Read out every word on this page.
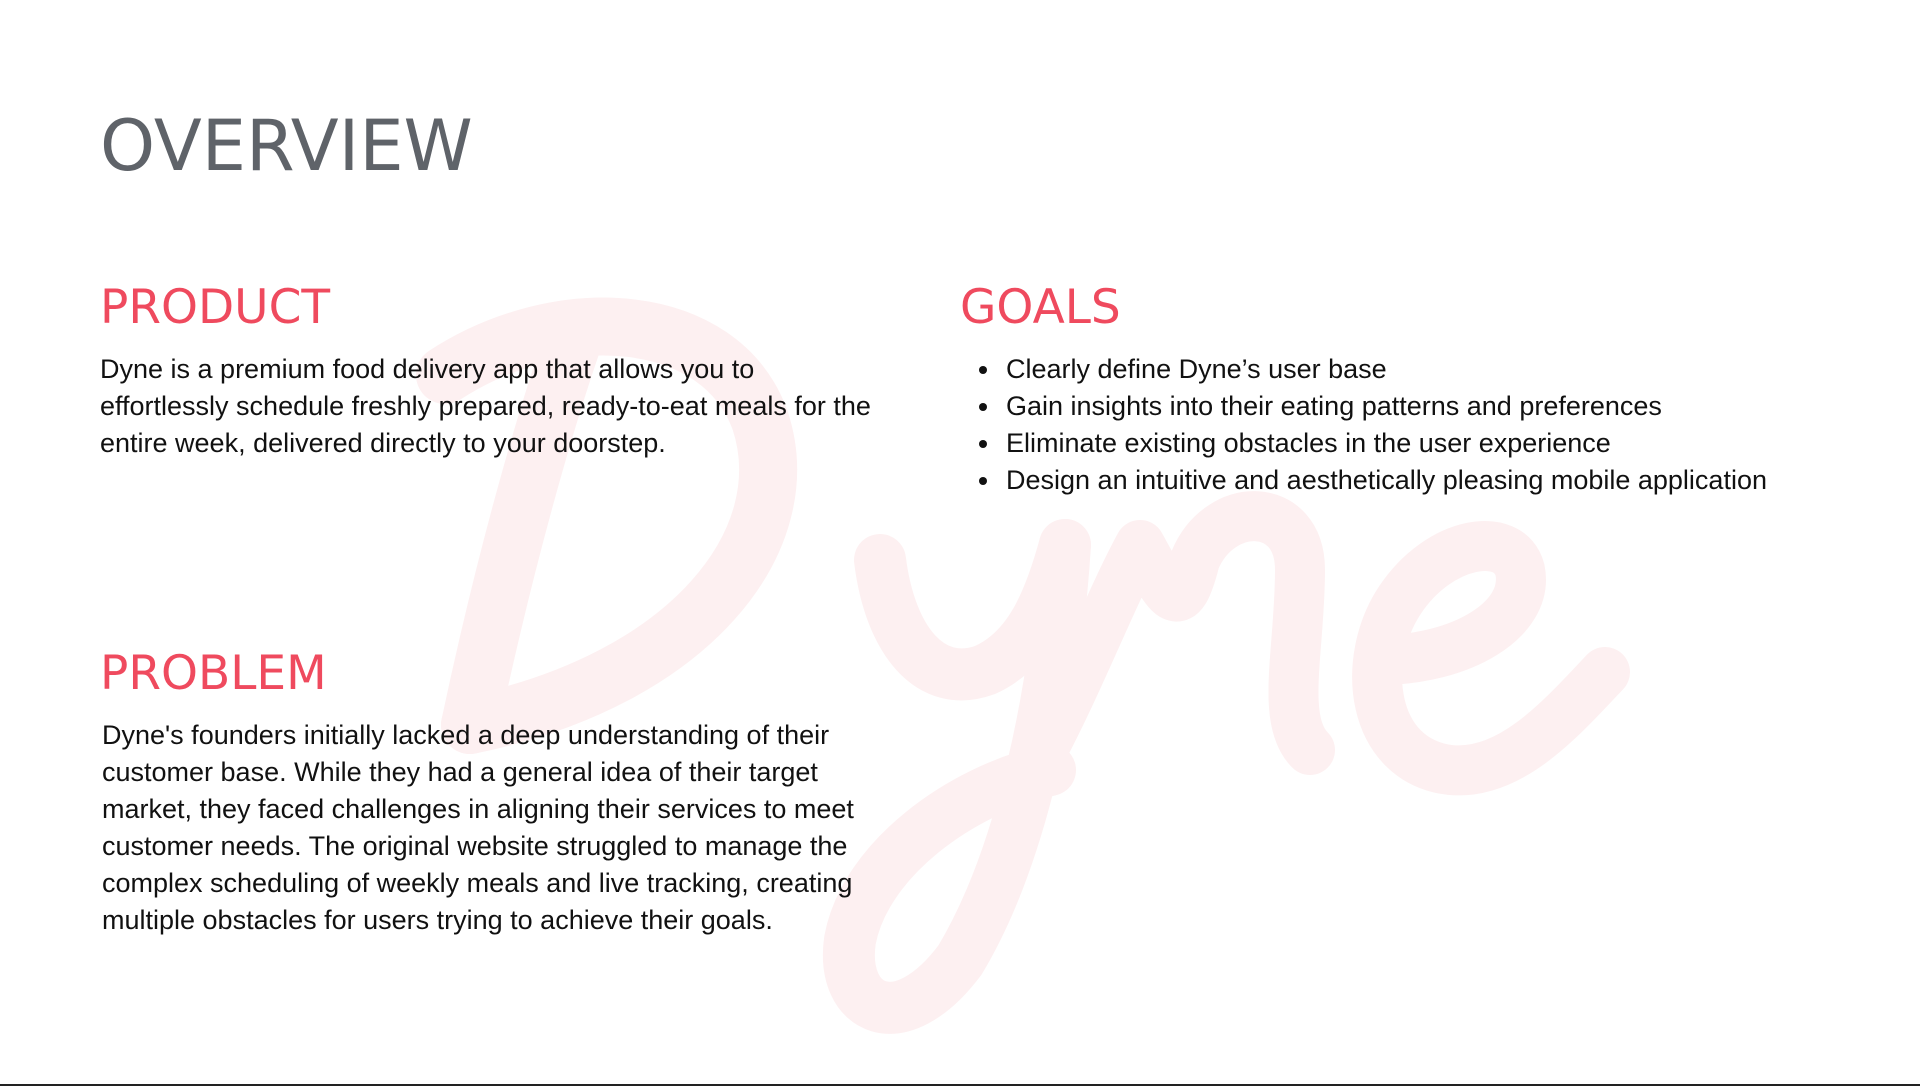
OVERVIEW
PRODUCT

Dyne is a premium food delivery app that allows you to effortlessly schedule freshly prepared, ready-to-eat meals for the entire week, delivered directly to your doorstep.

GOALS
Clearly define Dyne’s user base
Gain insights into their eating patterns and preferences
Eliminate existing obstacles in the user experience
Design an intuitive and aesthetically pleasing mobile application
PROBLEM

Dyne's founders initially lacked a deep understanding of their customer base. While they had a general idea of their target market, they faced challenges in aligning their services to meet customer needs. The original website struggled to manage the complex scheduling of weekly meals and live tracking, creating multiple obstacles for users trying to achieve their goals.
